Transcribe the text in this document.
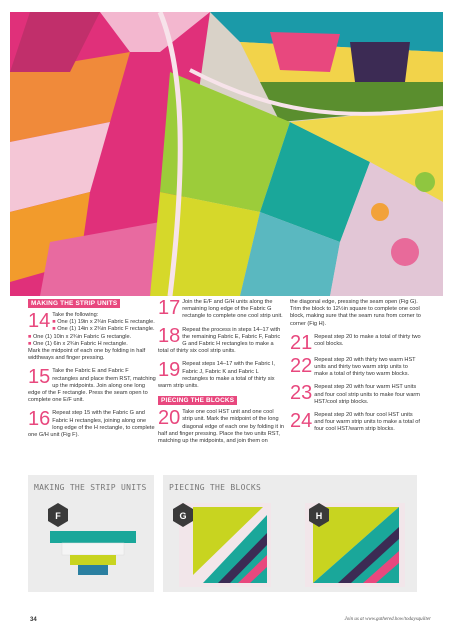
MAKING THE STRIP UNITS
14 Take the following:

■ One (1) 19in x 2¾in Fabric E rectangle.

■ One (1) 14in x 2¾in Fabric F rectangle.

■ One (1) 10in x 2¾in Fabric G rectangle.

■ One (1) 6in x 2¾in Fabric H rectangle.

Mark the midpoint of each one by folding in half widthways and finger pressing.

15 Take the Fabric E and Fabric F rectangles and place them RST, matching up the midpoints. Join along one long edge of the F rectangle. Press the seam open to complete one E/F unit.

16 Repeat step 15 with the Fabric G and Fabric H rectangles, joining along one long edge of the H rectangle, to complete one G/H unit (Fig F).

17 Join the E/F and G/H units along the remaining long edge of the Fabric G rectangle to complete one cool strip unit.

18 Repeat the process in steps 14–17 with the remaining Fabric E, Fabric F, Fabric G and Fabric H rectangles to make a total of thirty six cool strip units.

19 Repeat steps 14–17 with the Fabric I, Fabric J, Fabric K and Fabric L rectangles to make a total of thirty six warm strip units.

PIECING THE BLOCKS
20 Take one cool HST unit and one cool strip unit. Mark the midpoint of the long diagonal edge of each one by folding it in half and finger pressing. Place the two units RST, matching up the midpoints, and join them on

the diagonal edge, pressing the seam open (Fig G). Trim the block to 12½in square to complete one cool block, making sure that the seam runs from corner to corner (Fig H).

21 Repeat step 20 to make a total of thirty two cool blocks.

22 Repeat step 20 with thirty two warm HST units and thirty two warm strip units to make a total of thirty two warm blocks.

23 Repeat step 20 with four warm HST units and four cool strip units to make four warm HST/cool strip blocks.

24 Repeat step 20 with four cool HST units and four warm strip units to make a total of four cool HST/warm strip blocks.

MAKING THE STRIP UNITS
F
PIECING THE BLOCKS
G	H
34	Join us at www.gathered.how/todaysquilter
